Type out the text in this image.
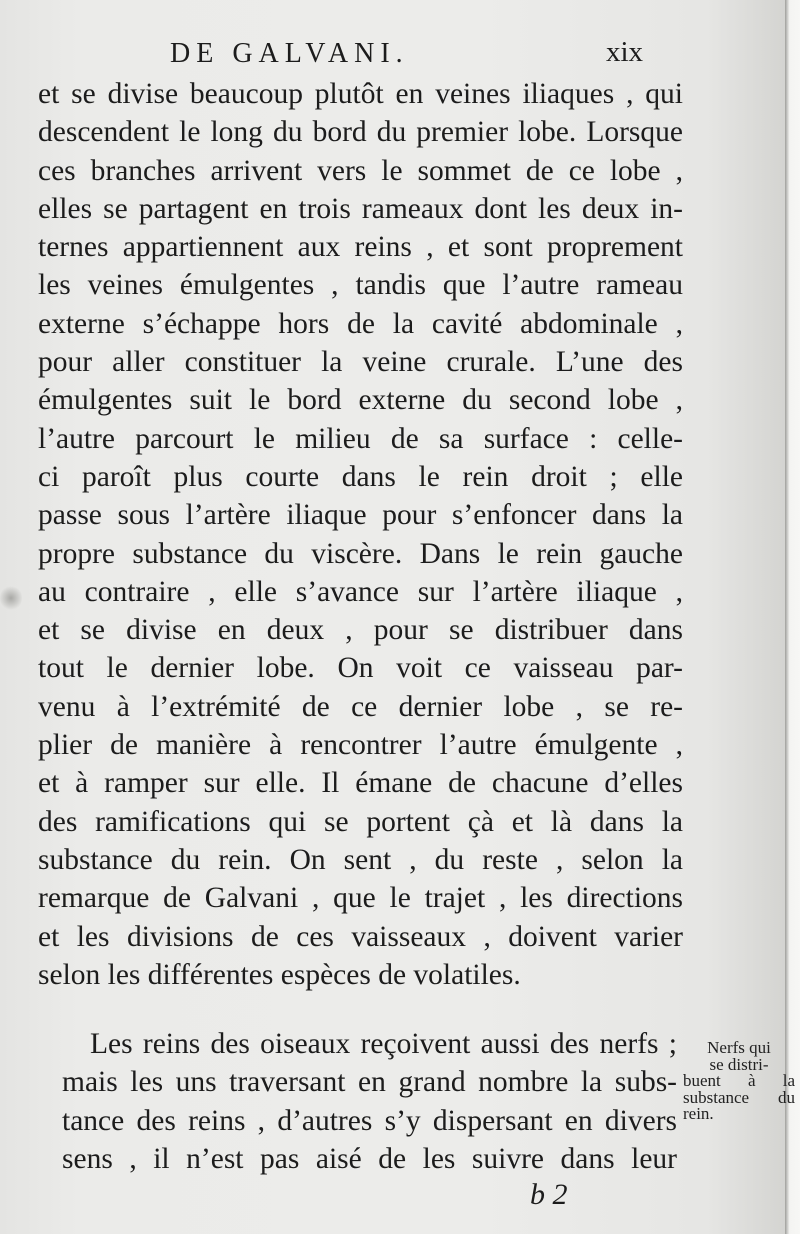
DE GALVANI.	xix
et se divise beaucoup plutôt en veines iliaques , qui
descendent le long du bord du premier lobe. Lorsque
ces branches arrivent vers le sommet de ce lobe ,
elles se partagent en trois rameaux dont les deux in-
ternes appartiennent aux reins , et sont proprement
les veines émulgentes , tandis que l’autre rameau
externe s’échappe hors de la cavité abdominale ,
pour aller constituer la veine crurale. L’une des
émulgentes suit le bord externe du second lobe ,
l’autre parcourt le milieu de sa surface : celle-
ci paroît plus courte dans le rein droit ; elle
passe sous l’artère iliaque pour s’enfoncer dans la
propre substance du viscère. Dans le rein gauche
au contraire , elle s’avance sur l’artère iliaque ,
et se divise en deux , pour se distribuer dans
tout le dernier lobe. On voit ce vaisseau par-
venu à l’extrémité de ce dernier lobe , se re-
plier de manière à rencontrer l’autre émulgente ,
et à ramper sur elle. Il émane de chacune d’elles
des ramifications qui se portent çà et là dans la
substance du rein. On sent , du reste , selon la
remarque de Galvani , que le trajet , les directions
et les divisions de ces vaisseaux , doivent varier
selon les différentes espèces de volatiles.
Les reins des oiseaux reçoivent aussi des nerfs ;
mais les uns traversant en grand nombre la subs-
tance des reins , d’autres s’y dispersant en divers
sens , il n’est pas aisé de les suivre dans leur
Nerfs qui
se distri-
buent à la
substance du
rein.
b 2
